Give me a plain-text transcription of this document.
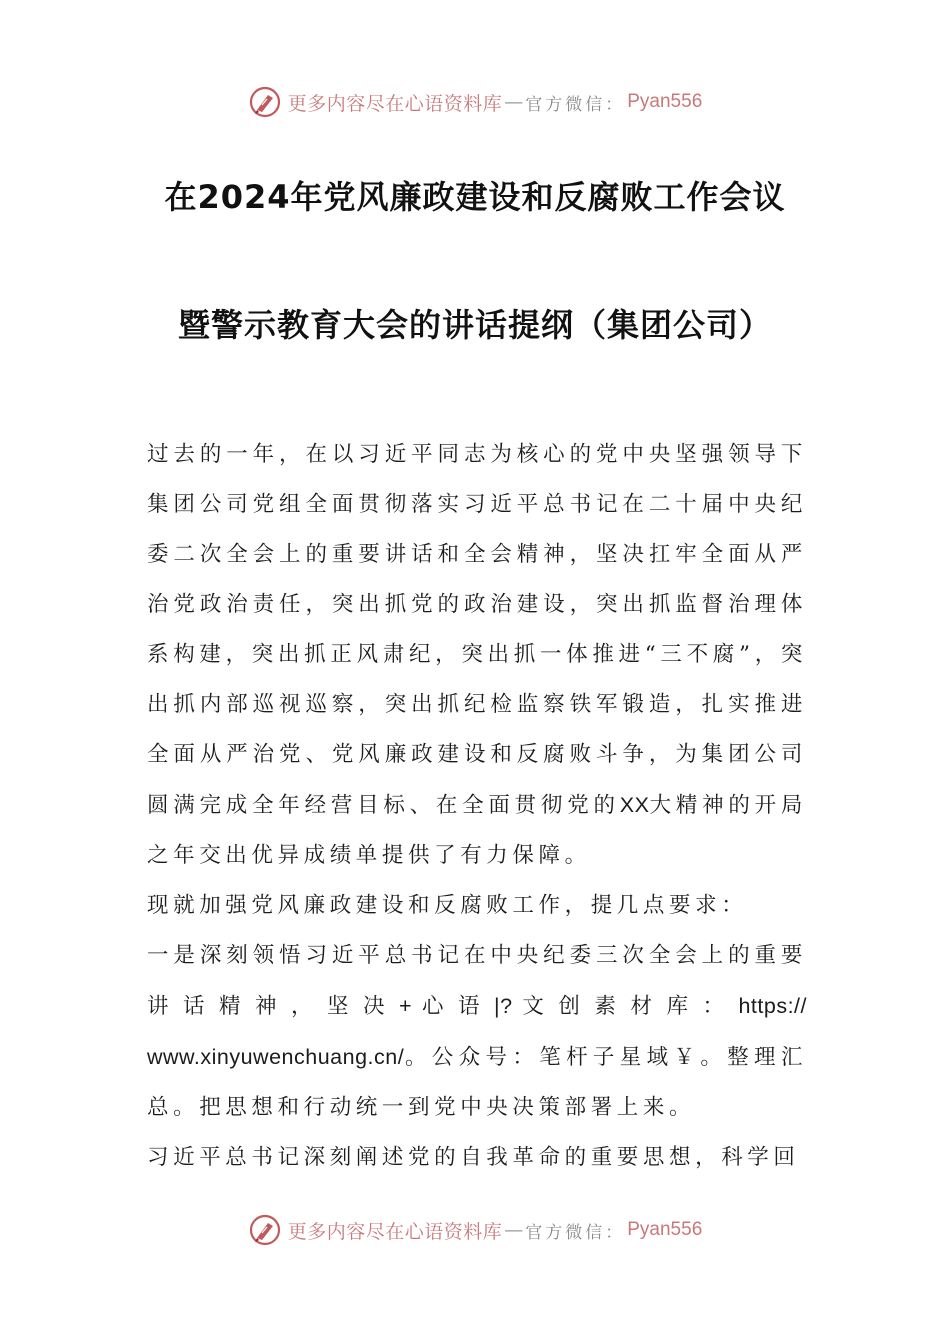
更多内容尽在心语资料库 — 官方微信： Pyan556
在2024年党风廉政建设和反腐败工作会议
暨警示教育大会的讲话提纲（集团公司）

过去的一年，在以习近平同志为核心的党中央坚强领导下集团公司党组全面贯彻落实习近平总书记在二十届中央纪委二次全会上的重要讲话和全会精神，坚决扛牢全面从严治党政治责任，突出抓党的政治建设，突出抓监督治理体系构建，突出抓正风肃纪，突出抓一体推进“三不腐”，突出抓内部巡视巡察，突出抓纪检监察铁军锻造，扎实推进全面从严治党、党风廉政建设和反腐败斗争，为集团公司圆满完成全年经营目标、在全面贯彻党的XX大精神的开局之年交出优异成绩单提供了有力保障。

现就加强党风廉政建设和反腐败工作，提几点要求：

一是深刻领悟习近平总书记在中央纪委三次全会上的重要讲话精神，坚决+心语|?文创素材库：https:// www.xinyuwenchuang.cn/。公众号：笔杆子星域￥。整理汇总。把思想和行动统一到党中央决策部署上来。

习近平总书记深刻阐述党的自我革命的重要思想，科学回

更多内容尽在心语资料库 — 官方微信： Pyan556
